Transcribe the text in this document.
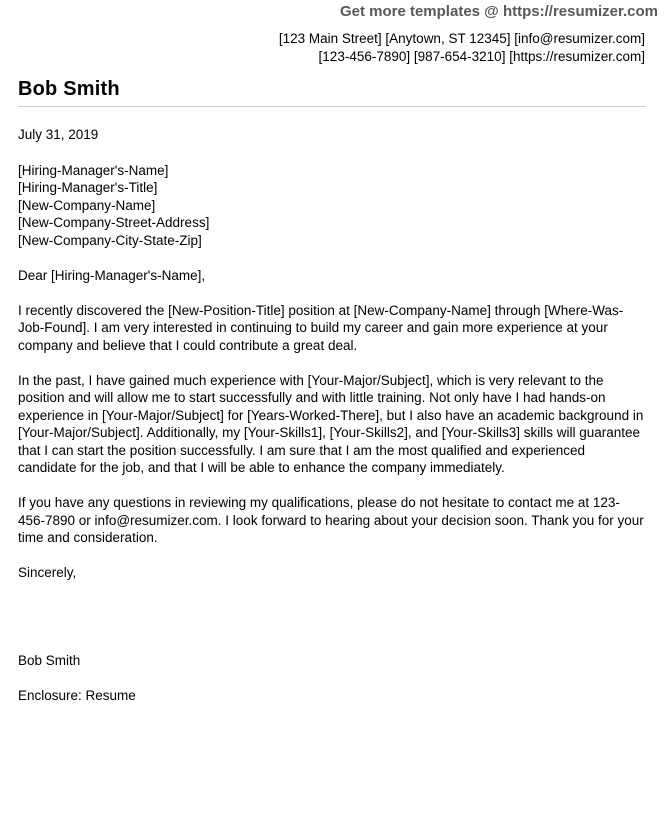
Get more templates @ https://resumizer.com
[123 Main Street] [Anytown, ST 12345] [info@resumizer.com]
[123-456-7890] [987-654-3210] [https://resumizer.com]
Bob Smith
July 31, 2019
[Hiring-Manager's-Name]
[Hiring-Manager's-Title]
[New-Company-Name]
[New-Company-Street-Address]
[New-Company-City-State-Zip]

Dear [Hiring-Manager's-Name],

I recently discovered the [New-Position-Title] position at [New-Company-Name] through [Where-Was-Job-Found]. I am very interested in continuing to build my career and gain more experience at your company and believe that I could contribute a great deal.

In the past, I have gained much experience with [Your-Major/Subject], which is very relevant to the position and will allow me to start successfully and with little training. Not only have I had hands-on experience in [Your-Major/Subject] for [Years-Worked-There], but I also have an academic background in [Your-Major/Subject]. Additionally, my [Your-Skills1], [Your-Skills2], and [Your-Skills3] skills will guarantee that I can start the position successfully. I am sure that I am the most qualified and experienced candidate for the job, and that I will be able to enhance the company immediately.

If you have any questions in reviewing my qualifications, please do not hesitate to contact me at 123-456-7890 or info@resumizer.com. I look forward to hearing about your decision soon. Thank you for your time and consideration.

Sincerely,

Bob Smith

Enclosure: Resume
